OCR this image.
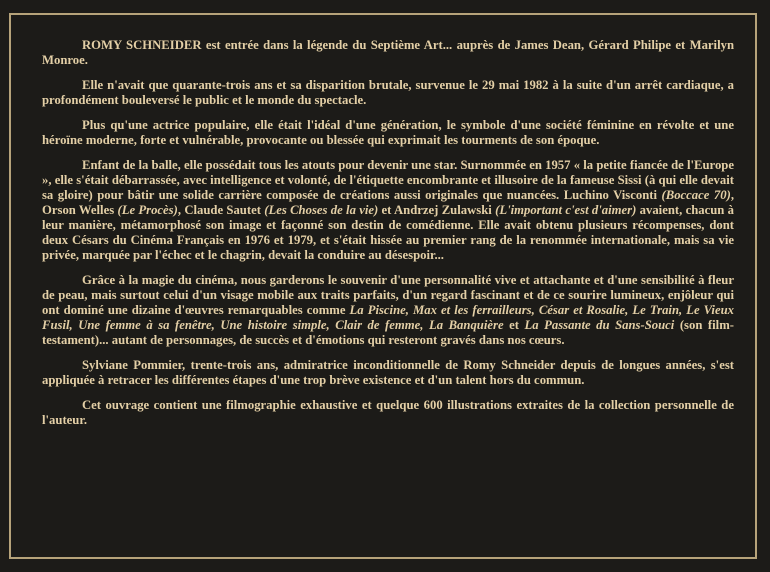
ROMY SCHNEIDER est entrée dans la légende du Septième Art... auprès de James Dean, Gérard Philipe et Marilyn Monroe.

Elle n'avait que quarante-trois ans et sa disparition brutale, survenue le 29 mai 1982 à la suite d'un arrêt cardiaque, a profondément bouleversé le public et le monde du spectacle.

Plus qu'une actrice populaire, elle était l'idéal d'une génération, le symbole d'une société féminine en révolte et une héroïne moderne, forte et vulnérable, provocante ou blessée qui exprimait les tourments de son époque.

Enfant de la balle, elle possédait tous les atouts pour devenir une star. Surnommée en 1957 « la petite fiancée de l'Europe », elle s'était débarrassée, avec intelligence et volonté, de l'étiquette encombrante et illusoire de la fameuse Sissi (à qui elle devait sa gloire) pour bâtir une solide carrière composée de créations aussi originales que nuancées. Luchino Visconti (Boccace 70), Orson Welles (Le Procès), Claude Sautet (Les Choses de la vie) et Andrzej Zulawski (L'important c'est d'aimer) avaient, chacun à leur manière, métamorphosé son image et façonné son destin de comédienne. Elle avait obtenu plusieurs récompenses, dont deux Césars du Cinéma Français en 1976 et 1979, et s'était hissée au premier rang de la renommée internationale, mais sa vie privée, marquée par l'échec et le chagrin, devait la conduire au désespoir...

Grâce à la magie du cinéma, nous garderons le souvenir d'une personnalité vive et attachante et d'une sensibilité à fleur de peau, mais surtout celui d'un visage mobile aux traits parfaits, d'un regard fascinant et de ce sourire lumineux, enjôleur qui ont dominé une dizaine d'œuvres remarquables comme La Piscine, Max et les ferrailleurs, César et Rosalie, Le Train, Le Vieux Fusil, Une femme à sa fenêtre, Une histoire simple, Clair de femme, La Banquière et La Passante du Sans-Souci (son film-testament)... autant de personnages, de succès et d'émotions qui resteront gravés dans nos cœurs.

Sylviane Pommier, trente-trois ans, admiratrice inconditionnelle de Romy Schneider depuis de longues années, s'est appliquée à retracer les différentes étapes d'une trop brève existence et d'un talent hors du commun.

Cet ouvrage contient une filmographie exhaustive et quelque 600 illustrations extraites de la collection personnelle de l'auteur.
